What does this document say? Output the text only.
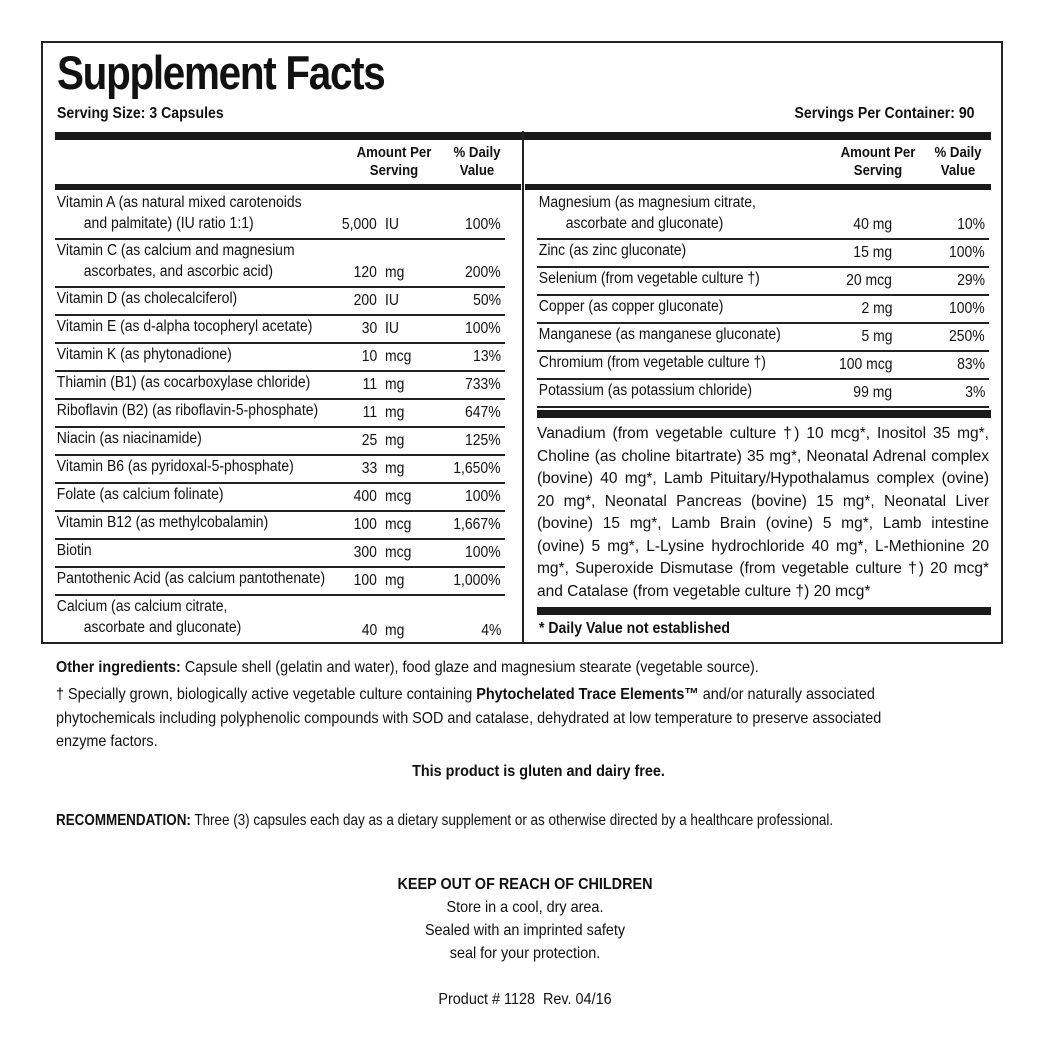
Supplement Facts
Serving Size: 3 Capsules	Servings Per Container: 90
Amount Per
Serving
% Daily
Value
Amount Per
Serving
% Daily
Value
Vitamin A (as natural mixed carotenoids
and palmitate) (IU ratio 1:1)	5,000 IU	100%
Vitamin C (as calcium and magnesium
ascorbates, and ascorbic acid)	120 mg	200%
Vitamin D (as cholecalciferol)	200 IU	50%
Vitamin E (as d-alpha tocopheryl acetate)	30 IU	100%
Vitamin K (as phytonadione)	10 mcg	13%
Thiamin (B1) (as cocarboxylase chloride)	11 mg	733%
Riboflavin (B2) (as riboflavin-5-phosphate)	11 mg	647%
Niacin (as niacinamide)	25 mg	125%
Vitamin B6 (as pyridoxal-5-phosphate)	33 mg	1,650%
Folate (as calcium folinate)	400 mcg	100%
Vitamin B12 (as methylcobalamin)	100 mcg	1,667%
Biotin	300 mcg	100%
Pantothenic Acid (as calcium pantothenate)	100 mg	1,000%
Calcium (as calcium citrate,
ascorbate and gluconate)	40 mg	4%
Magnesium (as magnesium citrate,
ascorbate and gluconate)	40 mg	10%
Zinc (as zinc gluconate)	15 mg	100%
Selenium (from vegetable culture †)	20 mcg	29%
Copper (as copper gluconate)	2 mg	100%
Manganese (as manganese gluconate)	5 mg	250%
Chromium (from vegetable culture †)	100 mcg	83%
Potassium (as potassium chloride)	99 mg	3%
Vanadium (from vegetable culture †) 10 mcg*, Inositol 35 mg*, Choline (as choline bitartrate) 35 mg*, Neonatal Adrenal complex (bovine) 40 mg*, Lamb Pituitary/Hypothalamus complex (ovine) 20 mg*, Neonatal Pancreas (bovine) 15 mg*, Neonatal Liver (bovine) 15 mg*, Lamb Brain (ovine) 5 mg*, Lamb intestine (ovine) 5 mg*, L-Lysine hydrochloride 40 mg*, L-Methionine 20 mg*, Superoxide Dismutase (from vegetable culture †) 20 mcg* and Catalase (from vegetable culture †) 20 mcg*
* Daily Value not established
Other ingredients: Capsule shell (gelatin and water), food glaze and magnesium stearate (vegetable source).
† Specially grown, biologically active vegetable culture containing Phytochelated Trace Elements™ and/or naturally associated
phytochemicals including polyphenolic compounds with SOD and catalase, dehydrated at low temperature to preserve associated
enzyme factors.
This product is gluten and dairy free.
RECOMMENDATION: Three (3) capsules each day as a dietary supplement or as otherwise directed by a healthcare professional.
KEEP OUT OF REACH OF CHILDREN
Store in a cool, dry area.
Sealed with an imprinted safety
seal for your protection.
Product # 1128  Rev. 04/16
